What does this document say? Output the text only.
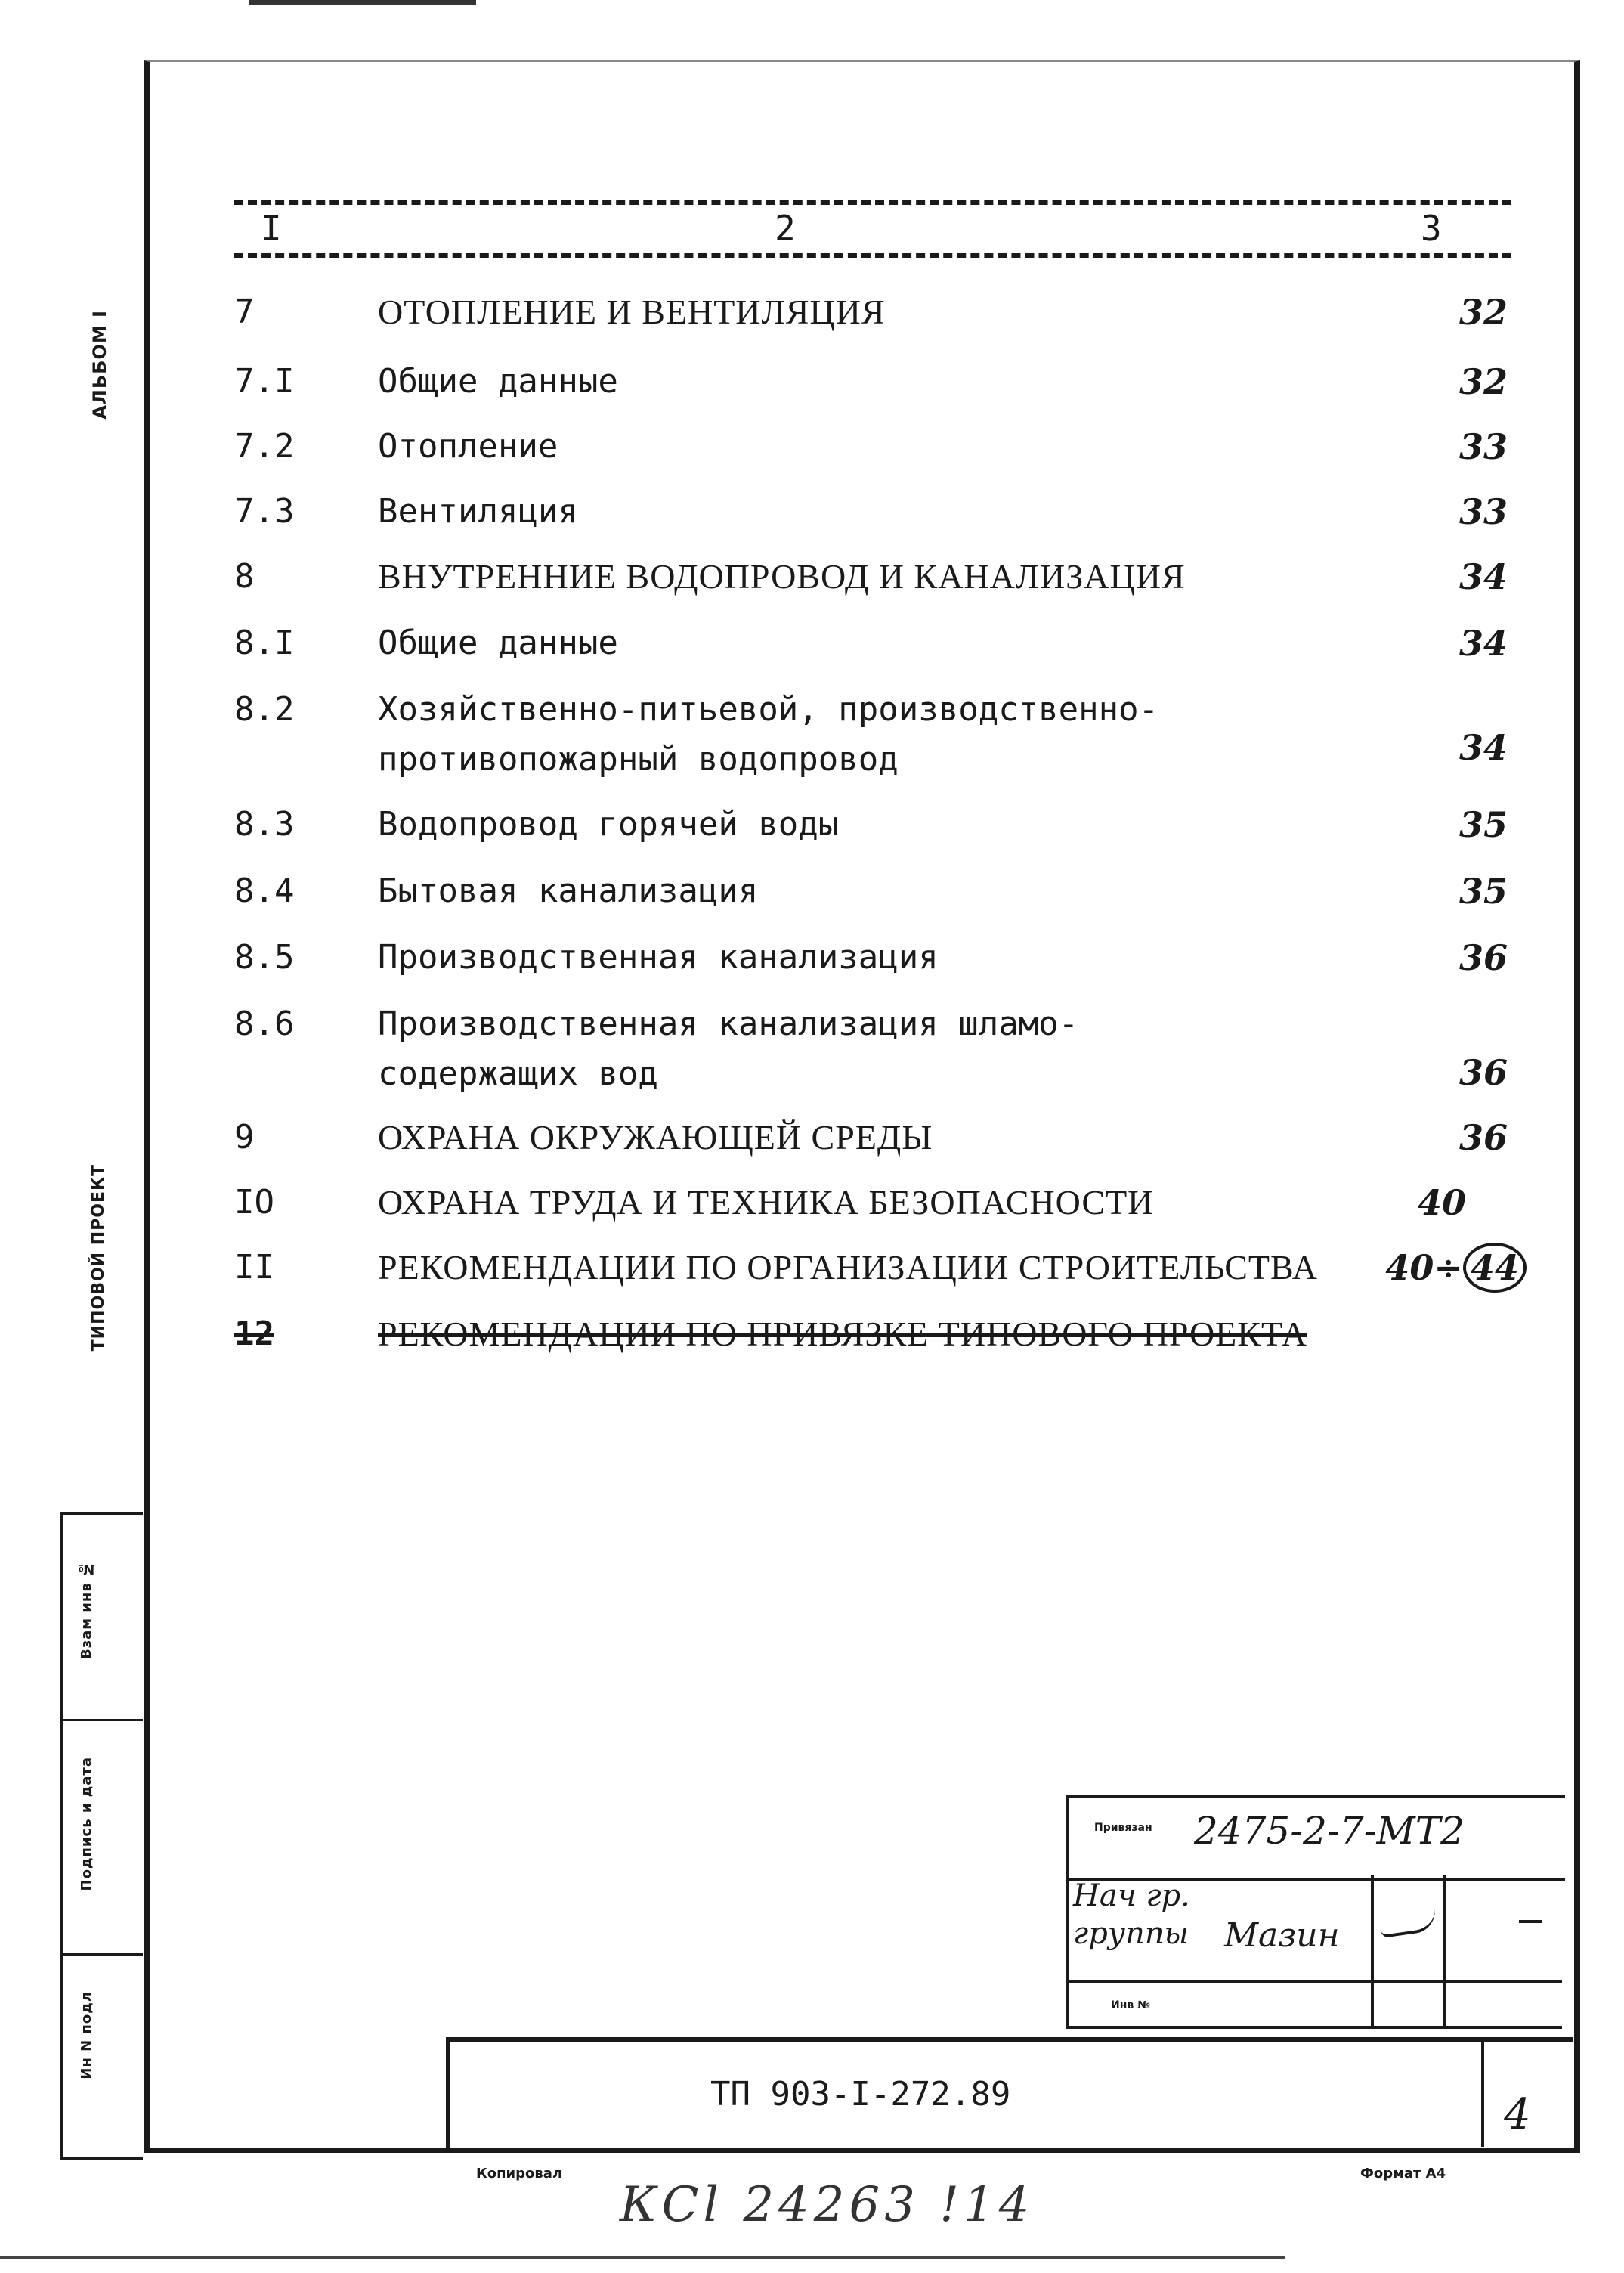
АЛЬБОМ I
ТИПОВОЙ ПРОЕКТ
Взам инв №
Подпись и дата
Ин N подл
I	2	3
7	ОТОПЛЕНИЕ И ВЕНТИЛЯЦИЯ	32
7.I	Общие данные	32
7.2	Отопление	33
7.3	Вентиляция	33
8	ВНУТРЕННИЕ ВОДОПРОВОД И КАНАЛИЗАЦИЯ	34
8.I	Общие данные	34
8.2	Хозяйственно-питьевой, производственно-
противопожарный водопровод	34
8.3	Водопровод горячей воды	35
8.4	Бытовая канализация	35
8.5	Производственная канализация	36
8.6	Производственная канализация шламо-
содержащих вод	36
9	ОХРАНА ОКРУЖАЮЩЕЙ СРЕДЫ	36
IO	ОХРАНА ТРУДА И ТЕХНИКА БЕЗОПАСНОСТИ	40
II	РЕКОМЕНДАЦИИ ПО ОРГАНИЗАЦИИ СТРОИТЕЛЬСТВА	40÷ 44
12	РЕКОМЕНДАЦИИ ПО ПРИВЯЗКЕ ТИПОВОГО ПРОЕКТА
Привязан 2475-2-7-МТ2
Нач гр.
группы Мазин
Инв №
ТП 903-I-272.89	4
Копировал	Формат А4
КСl 24263 !14
